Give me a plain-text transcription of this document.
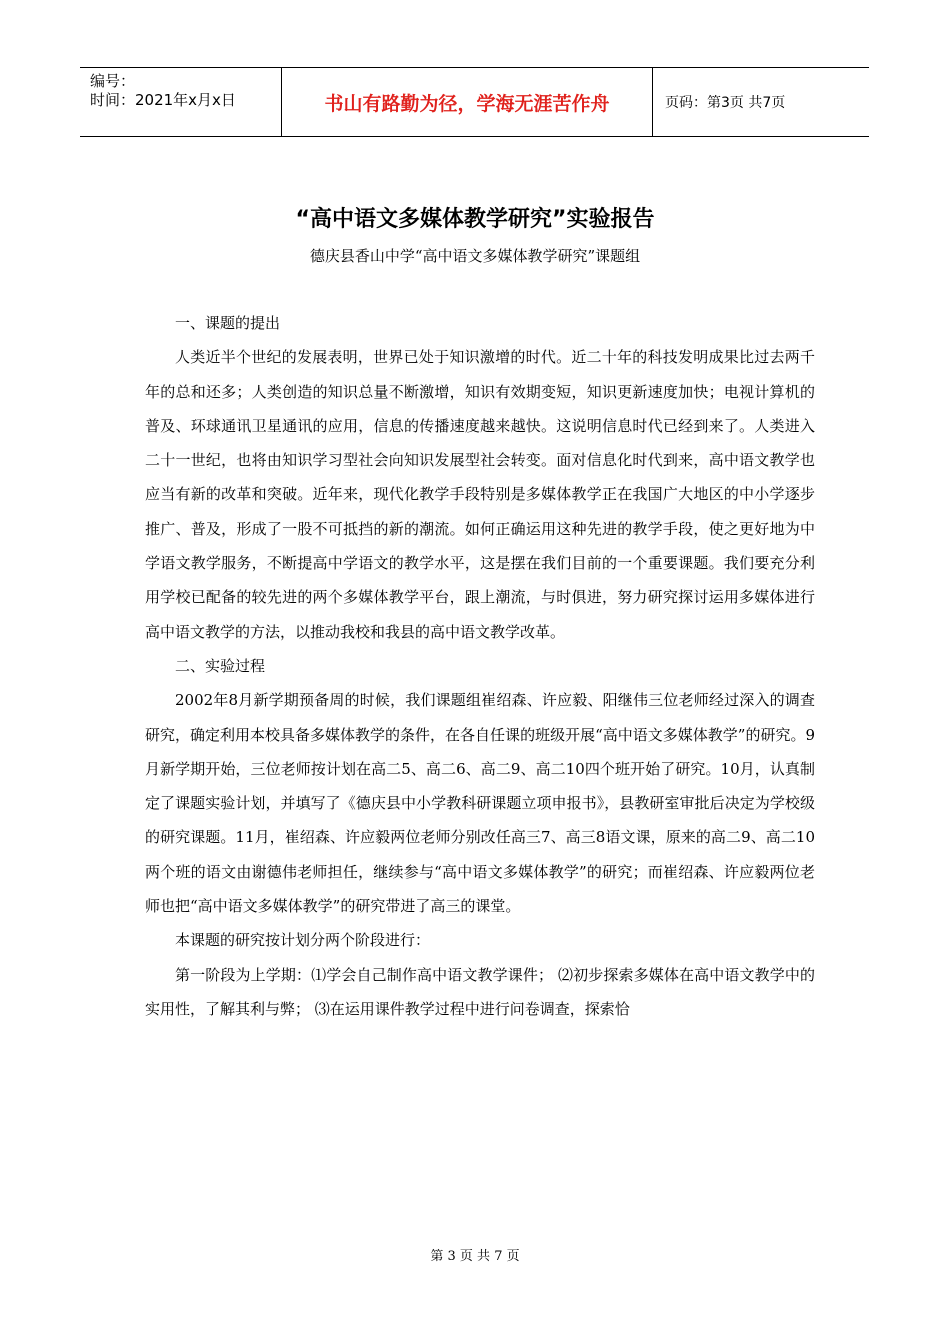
编号：
时间：2021年x月x日	书山有路勤为径，学海无涯苦作舟	页码：第3页 共7页
“高中语文多媒体教学研究”实验报告
德庆县香山中学“高中语文多媒体教学研究”课题组

一、课题的提出

人类近半个世纪的发展表明，世界已处于知识激增的时代。近二十年的科技发明成果比过去两千年的总和还多；人类创造的知识总量不断激增，知识有效期变短，知识更新速度加快；电视计算机的普及、环球通讯卫星通讯的应用，信息的传播速度越来越快。这说明信息时代已经到来了。人类进入二十一世纪，也将由知识学习型社会向知识发展型社会转变。面对信息化时代到来，高中语文教学也应当有新的改革和突破。近年来，现代化教学手段特别是多媒体教学正在我国广大地区的中小学逐步推广、普及，形成了一股不可抵挡的新的潮流。如何正确运用这种先进的教学手段，使之更好地为中学语文教学服务，不断提高中学语文的教学水平，这是摆在我们目前的一个重要课题。我们要充分利用学校已配备的较先进的两个多媒体教学平台，跟上潮流，与时俱进，努力研究探讨运用多媒体进行高中语文教学的方法，以推动我校和我县的高中语文教学改革。

二、实验过程

2002年8月新学期预备周的时候，我们课题组崔绍森、许应毅、阳继伟三位老师经过深入的调查研究，确定利用本校具备多媒体教学的条件，在各自任课的班级开展“高中语文多媒体教学”的研究。9月新学期开始，三位老师按计划在高二5、高二6、高二9、高二10四个班开始了研究。10月，认真制定了课题实验计划，并填写了《德庆县中小学教科研课题立项申报书》，县教研室审批后决定为学校级的研究课题。11月，崔绍森、许应毅两位老师分别改任高三7、高三8语文课，原来的高二9、高二10两个班的语文由谢德伟老师担任，继续参与“高中语文多媒体教学”的研究；而崔绍森、许应毅两位老师也把“高中语文多媒体教学”的研究带进了高三的课堂。

本课题的研究按计划分两个阶段进行：

第一阶段为上学期：⑴学会自己制作高中语文教学课件； ⑵初步探索多媒体在高中语文教学中的实用性，了解其利与弊； ⑶在运用课件教学过程中进行问卷调查，探索恰

第 3 页 共 7 页
